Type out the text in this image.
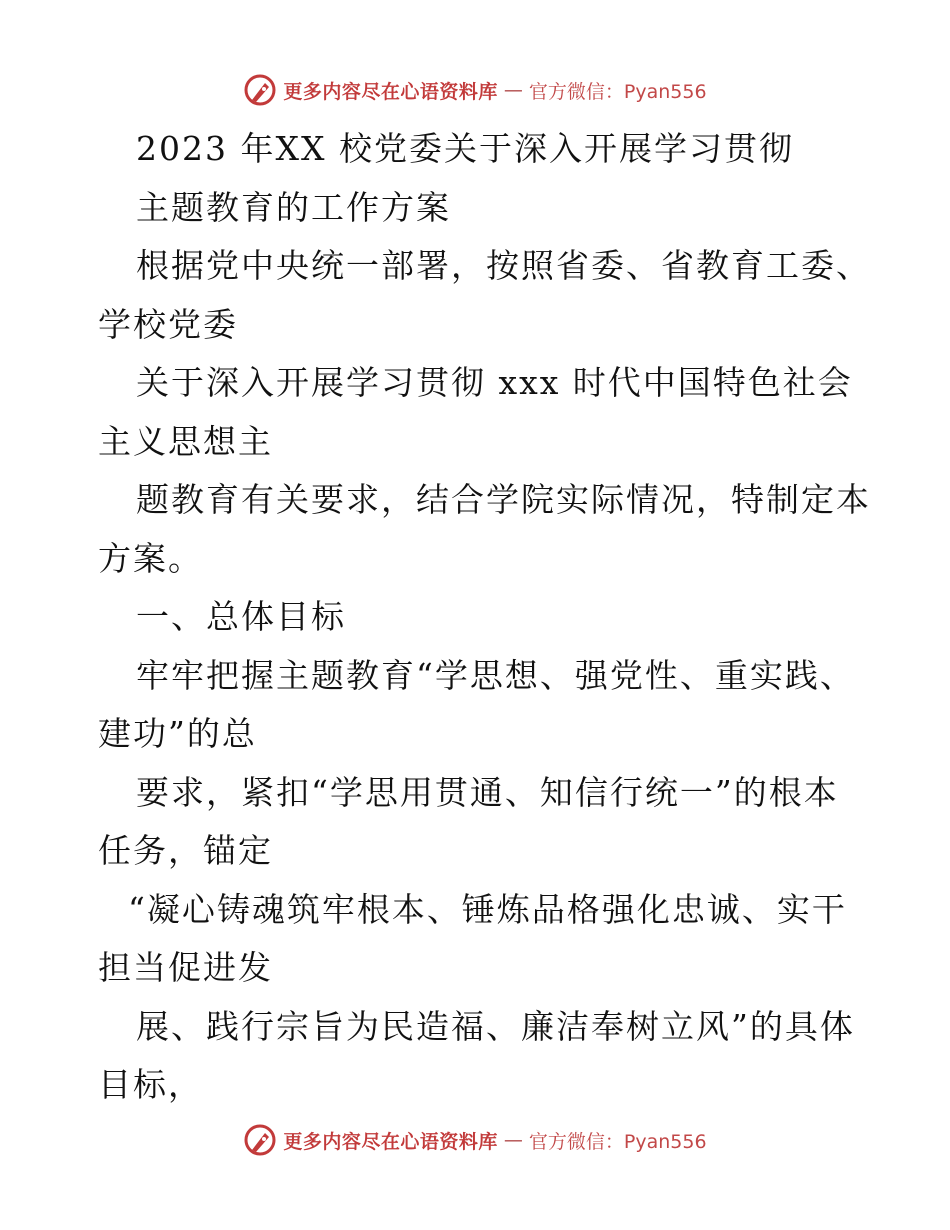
更多内容尽在心语资料库 — 官方微信：Pyan556
2023 年XX 校党委关于深入开展学习贯彻
主题教育的工作方案
根据党中央统一部署，按照省委、省教育工委、
学校党委
关于深入开展学习贯彻 xxx 时代中国特色社会
主义思想主
题教育有关要求，结合学院实际情况，特制定本
方案。
一、总体目标
牢牢把握主题教育“学思想、强党性、重实践、
建功”的总
要求，紧扣“学思用贯通、知信行统一”的根本
任务，锚定
“凝心铸魂筑牢根本、锤炼品格强化忠诚、实干
担当促进发
展、践行宗旨为民造福、廉洁奉树立风”的具体
目标，
更多内容尽在心语资料库 — 官方微信：Pyan556
